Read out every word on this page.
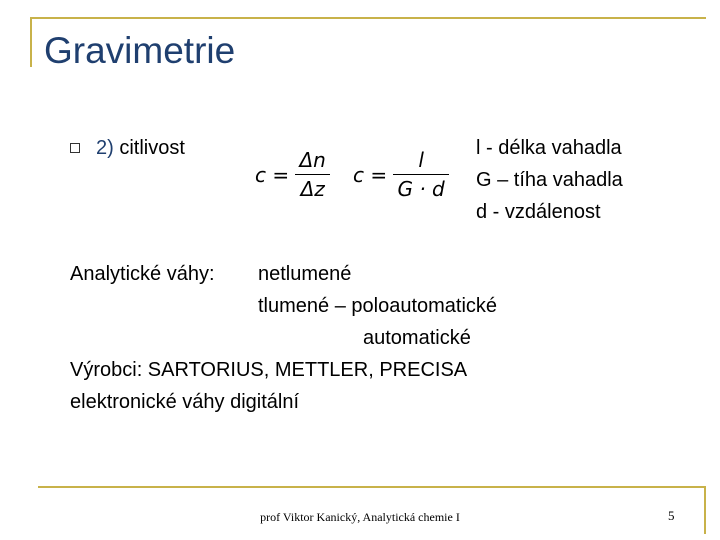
Gravimetrie
2) citlivost
$c = \frac{\Delta n}{\Delta z}$ $c = \frac{l}{G \cdot d}$ l - délka vahadla
G – tíha vahadla
d - vzdálenost
Analytické váhy: netlumené
tlumené – poloautomatické
automatické
Výrobci: SARTORIUS, METTLER, PRECISA
elektronické váhy digitální
prof Viktor Kanický, Analytická chemie I	5
